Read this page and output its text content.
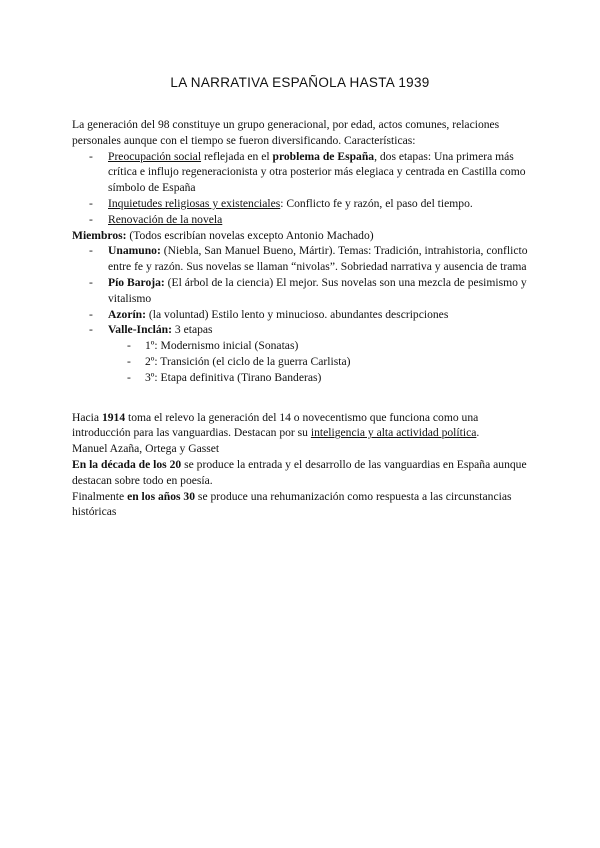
LA NARRATIVA ESPAÑOLA HASTA 1939

La generación del 98 constituye un grupo generacional, por edad, actos comunes, relaciones personales aunque con el tiempo se fueron diversificando. Características:

-	Preocupación social reflejada en el problema de España, dos etapas: Una primera más crítica e influjo regeneracionista y otra posterior más elegiaca y centrada en Castilla como símbolo de España
-	Inquietudes religiosas y existenciales: Conflicto fe y razón, el paso del tiempo.
-	Renovación de la novela

Miembros: (Todos escribían novelas excepto Antonio Machado)

-	Unamuno: (Niebla, San Manuel Bueno, Mártir). Temas: Tradición, intrahistoria, conflicto entre fe y razón. Sus novelas se llaman “nivolas”. Sobriedad narrativa y ausencia de trama
-	Pío Baroja: (El árbol de la ciencia) El mejor. Sus novelas son una mezcla de pesimismo y vitalismo
-	Azorín: (la voluntad) Estilo lento y minucioso. abundantes descripciones
-	Valle-Inclán: 3 etapas
-	1º: Modernismo inicial (Sonatas)
-	2º: Transición (el ciclo de la guerra Carlista)
-	3º: Etapa definitiva (Tirano Banderas)

Hacia 1914 toma el relevo la generación del 14 o novecentismo que funciona como una introducción para las vanguardias. Destacan por su inteligencia y alta actividad política.
Manuel Azaña, Ortega y Gasset

En la década de los 20 se produce la entrada y el desarrollo de las vanguardias en España aunque destacan sobre todo en poesía.

Finalmente en los años 30 se produce una rehumanización como respuesta a las circunstancias históricas
